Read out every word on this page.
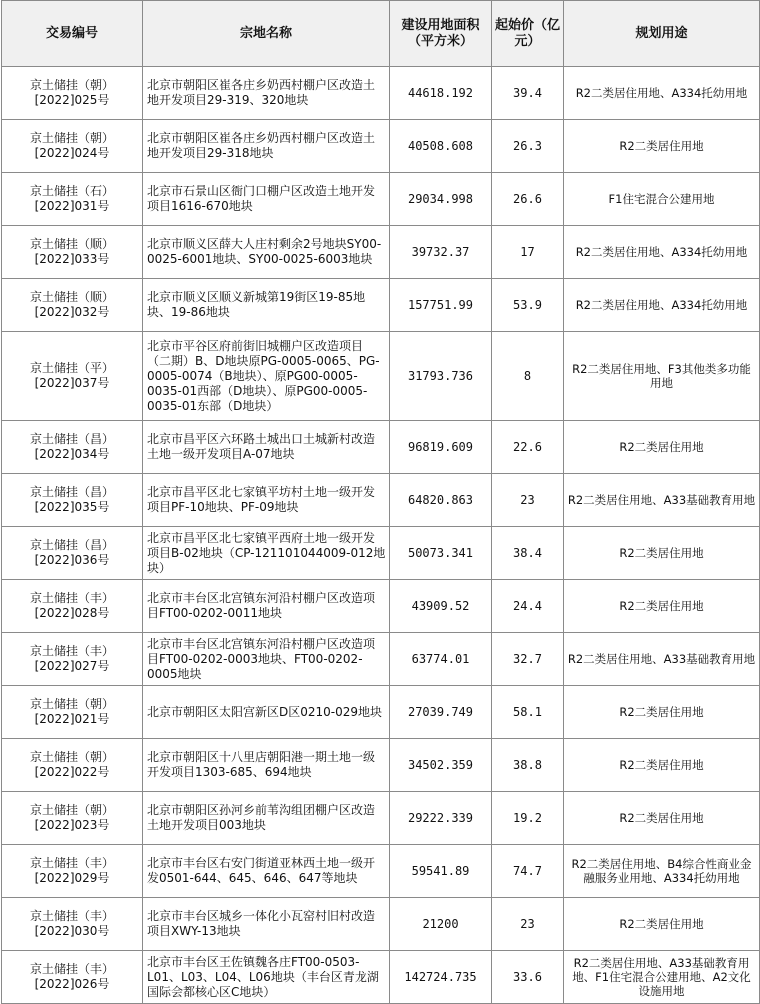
交易编号	宗地名称	建设用地面积（平方米）	起始价（亿元）	规划用途
京土储挂（朝）[2022]025号	北京市朝阳区崔各庄乡奶西村棚户区改造土地开发项目29-319、320地块	44618.192	39.4	R2二类居住用地、A334托幼用地
京土储挂（朝）[2022]024号	北京市朝阳区崔各庄乡奶西村棚户区改造土地开发项目29-318地块	40508.608	26.3	R2二类居住用地
京土储挂（石）[2022]031号	北京市石景山区衙门口棚户区改造土地开发项目1616-670地块	29034.998	26.6	F1住宅混合公建用地
京土储挂（顺）[2022]033号	北京市顺义区薛大人庄村剩余2号地块SY00-0025-6001地块、SY00-0025-6003地块	39732.37	17	R2二类居住用地、A334托幼用地
京土储挂（顺）[2022]032号	北京市顺义区顺义新城第19街区19-85地块、19-86地块	157751.99	53.9	R2二类居住用地、A334托幼用地
京土储挂（平）[2022]037号	北京市平谷区府前街旧城棚户区改造项目（二期）B、D地块原PG-0005-0065、PG-0005-0074（B地块）、原PG00-0005-0035-01西部（D地块）、原PG00-0005-0035-01东部（D地块）	31793.736	8	R2二类居住用地、F3其他类多功能用地
京土储挂（昌）[2022]034号	北京市昌平区六环路土城出口土城新村改造土地一级开发项目A-07地块	96819.609	22.6	R2二类居住用地
京土储挂（昌）[2022]035号	北京市昌平区北七家镇平坊村土地一级开发项目PF-10地块、PF-09地块	64820.863	23	R2二类居住用地、A33基础教育用地
京土储挂（昌）[2022]036号	北京市昌平区北七家镇平西府土地一级开发项目B-02地块（CP-121101044009-012地块）	50073.341	38.4	R2二类居住用地
京土储挂（丰）[2022]028号	北京市丰台区北宫镇东河沿村棚户区改造项目FT00-0202-0011地块	43909.52	24.4	R2二类居住用地
京土储挂（丰）[2022]027号	北京市丰台区北宫镇东河沿村棚户区改造项目FT00-0202-0003地块、FT00-0202-0005地块	63774.01	32.7	R2二类居住用地、A33基础教育用地
京土储挂（朝）[2022]021号	北京市朝阳区太阳宫新区D区0210-029地块	27039.749	58.1	R2二类居住用地
京土储挂（朝）[2022]022号	北京市朝阳区十八里店朝阳港一期土地一级开发项目1303-685、694地块	34502.359	38.8	R2二类居住用地
京土储挂（朝）[2022]023号	北京市朝阳区孙河乡前苇沟组团棚户区改造土地开发项目003地块	29222.339	19.2	R2二类居住用地
京土储挂（丰）[2022]029号	北京市丰台区右安门街道亚林西土地一级开发0501-644、645、646、647等地块	59541.89	74.7	R2二类居住用地、B4综合性商业金融服务业用地、A334托幼用地
京土储挂（丰）[2022]030号	北京市丰台区城乡一体化小瓦窑村旧村改造项目XWY-13地块	21200	23	R2二类居住用地
京土储挂（丰）[2022]026号	北京市丰台区王佐镇魏各庄FT00-0503-L01、L03、L04、L06地块（丰台区青龙湖国际会都核心区C地块）	142724.735	33.6	R2二类居住用地、A33基础教育用地、F1住宅混合公建用地、A2文化设施用地
